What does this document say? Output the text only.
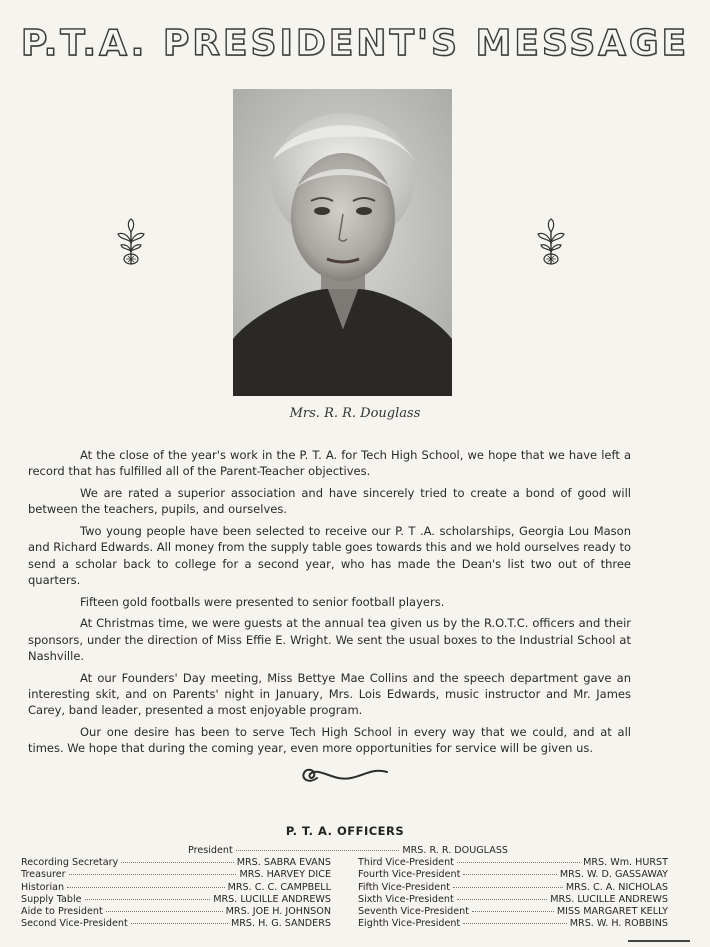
P.T.A. PRESIDENT'S MESSAGE
Mrs. R. R. Douglass

At the close of the year's work in the P. T. A. for Tech High School, we hope that we have left a record that has fulfilled all of the Parent-Teacher objectives.

We are rated a superior association and have sincerely tried to create a bond of good will between the teachers, pupils, and ourselves.

Two young people have been selected to receive our P. T .A. scholarships, Georgia Lou Mason and Richard Edwards. All money from the supply table goes towards this and we hold ourselves ready to send a scholar back to college for a second year, who has made the Dean's list two out of three quarters.

Fifteen gold footballs were presented to senior football players.

At Christmas time, we were guests at the annual tea given us by the R.O.T.C. officers and their sponsors, under the direction of Miss Effie E. Wright. We sent the usual boxes to the Industrial School at Nashville.

At our Founders' Day meeting, Miss Bettye Mae Collins and the speech department gave an interesting skit, and on Parents' night in January, Mrs. Lois Edwards, music instructor and Mr. James Carey, band leader, presented a most enjoyable program.

Our one desire has been to serve Tech High School in every way that we could, and at all times. We hope that during the coming year, even more opportunities for service will be given us.

P. T. A. OFFICERS
President	MRS. R. R. DOUGLASS
Recording Secretary	MRS. SABRA EVANS
Treasurer	MRS. HARVEY DICE
Historian	MRS. C. C. CAMPBELL
Supply Table	MRS. LUCILLE ANDREWS
Aide to President	MRS. JOE H. JOHNSON
Second Vice-President	MRS. H. G. SANDERS
Third Vice-President	MRS. Wm. HURST
Fourth Vice-President	MRS. W. D. GASSAWAY
Fifth Vice-President	MRS. C. A. NICHOLAS
Sixth Vice-President	MRS. LUCILLE ANDREWS
Seventh Vice-President	MISS MARGARET KELLY
Eighth Vice-President	MRS. W. H. ROBBINS
